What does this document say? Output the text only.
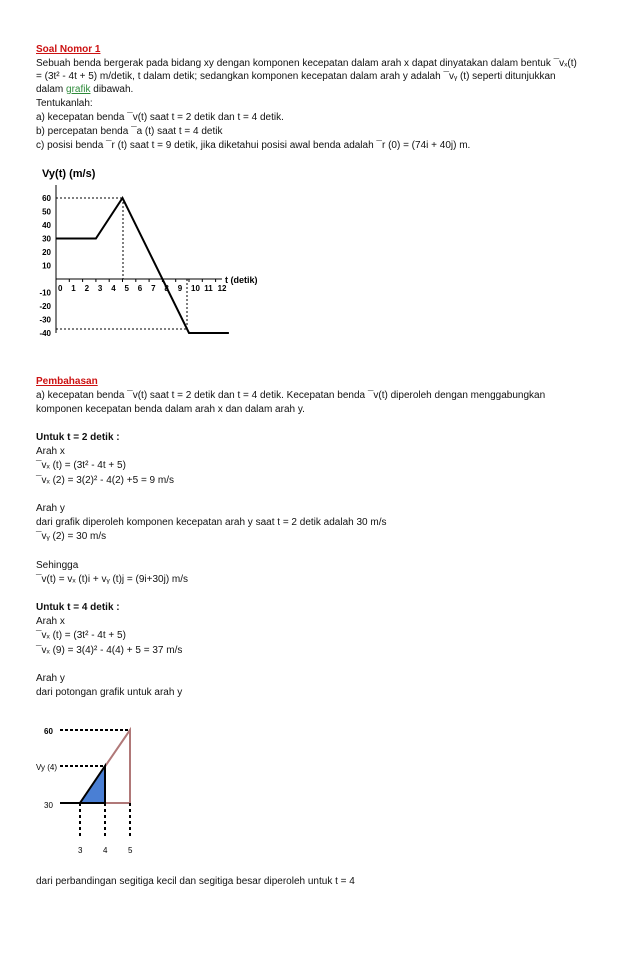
Soal Nomor 1
Sebuah benda bergerak pada bidang xy dengan komponen kecepatan dalam arah x dapat dinyatakan dalam bentuk ¯vₓ(t)
= (3t² - 4t + 5) m/detik, t dalam detik; sedangkan komponen kecepatan dalam arah y adalah ¯vᵧ (t) seperti ditunjukkan
dalam grafik dibawah.
Tentukanlah:
a) kecepatan benda ¯v(t) saat t = 2 detik dan t = 4 detik.
b) percepatan benda ¯a (t) saat t = 4 detik
c) posisi benda ¯r (t) saat t = 9 detik, jika diketahui posisi awal benda adalah ¯r (0) = (74i + 40j) m.
Vy(t) (m/s)
t (detik)
60
50
40
30
20
10
-10
-20
-30
-40
0 1 2 3 4 5 6 7 8 9 10 11 12
Pembahasan
a) kecepatan benda ¯v(t) saat t = 2 detik dan t = 4 detik. Kecepatan benda ¯v(t) diperoleh dengan menggabungkan
komponen kecepatan benda dalam arah x dan dalam arah y.
Untuk t = 2 detik :
Arah x
¯vₓ (t) = (3t² - 4t + 5)
¯vₓ (2) = 3(2)² - 4(2) +5 = 9 m/s
Arah y
dari grafik diperoleh komponen kecepatan arah y saat t = 2 detik adalah 30 m/s
¯vᵧ (2) = 30 m/s
Sehingga
¯v(t) = vₓ (t)i + vᵧ (t)j = (9i+30j) m/s
Untuk t = 4 detik :
Arah x
¯vₓ (t) = (3t² - 4t + 5)
¯vₓ (9) = 3(4)² - 4(4) + 5 = 37 m/s
Arah y
dari potongan grafik untuk arah y
60
Vy (4)
30
3	4	5
dari perbandingan segitiga kecil dan segitiga besar diperoleh untuk t = 4
